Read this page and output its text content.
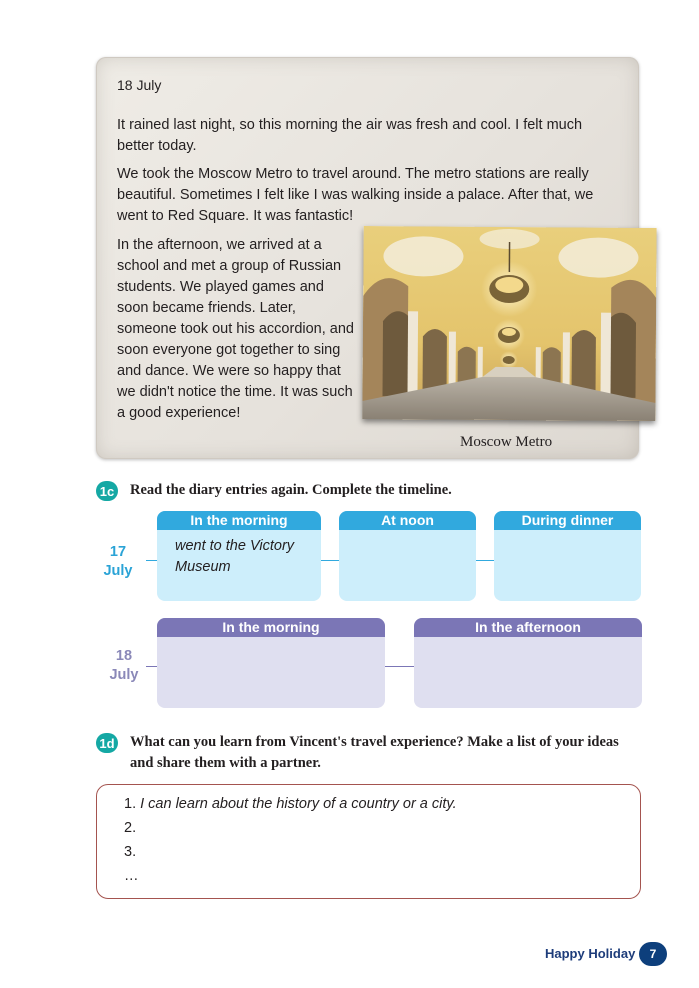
18 July

It rained last night, so this morning the air was fresh and cool. I felt much better today.

We took the Moscow Metro to travel around. The metro stations are really beautiful. Sometimes I felt like I was walking inside a palace. After that, we went to Red Square. It was fantastic!

In the afternoon, we arrived at a school and met a group of Russian students. We played games and soon became friends. Later, someone took out his accordion, and soon everyone got together to sing and dance. We were so happy that we didn't notice the time. It was such a good experience!

Moscow Metro
1c Read the diary entries again. Complete the timeline.
17
July
In the morning
went to the Victory Museum
At noon	During dinner
18
July
In the morning	In the afternoon
1d What can you learn from Vincent's travel experience? Make a list of your ideas
and share them with a partner.
1. I can learn about the history of a country or a city.
2.
3.
…
Happy Holiday	7
